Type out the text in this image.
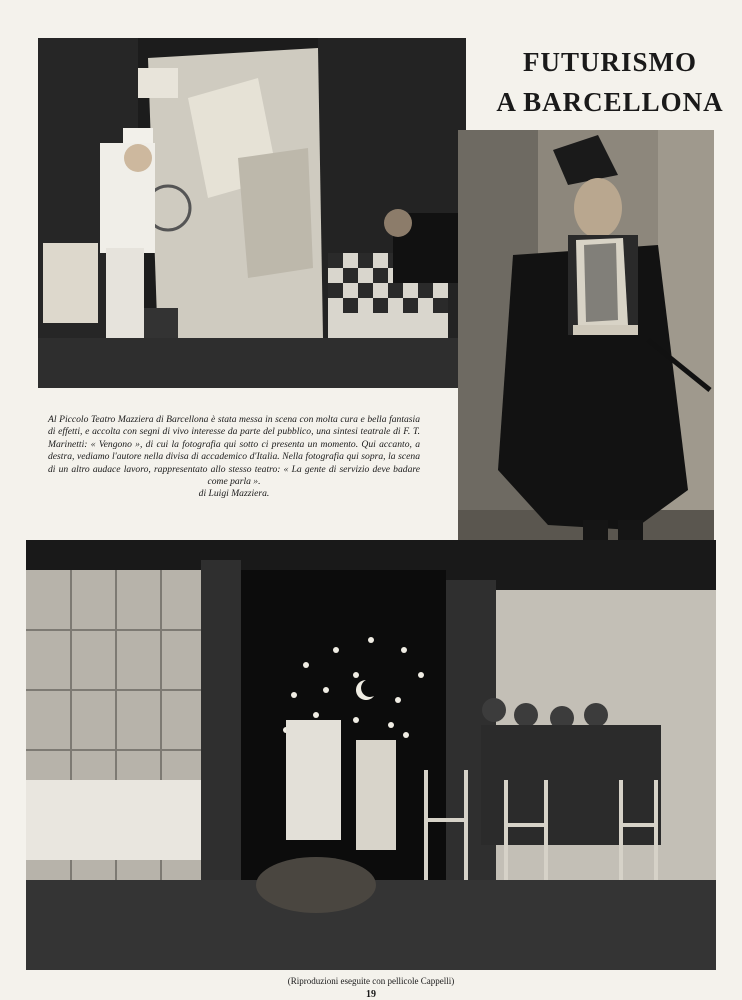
FUTURISMO
A BARCELLONA

Al Piccolo Teatro Mazziera di Barcellona è stata messa in scena con molta cura e bella fantasia di effetti, e accolta con segni di vivo interesse da parte del pubblico, una sintesi teatrale di F. T. Marinetti: « Vengono », di cui la fotografia qui sotto ci presenta un momento. Qui accanto, a destra, vediamo l'autore nella divisa di accademico d'Italia. Nella fotografia qui sopra, la scena di un altro audace lavoro, rappresentato allo stesso teatro: « La gente di servizio deve badare come parla ».
di Luigi Mazziera.

(Riproduzioni eseguite con pellicole Cappelli)
19
